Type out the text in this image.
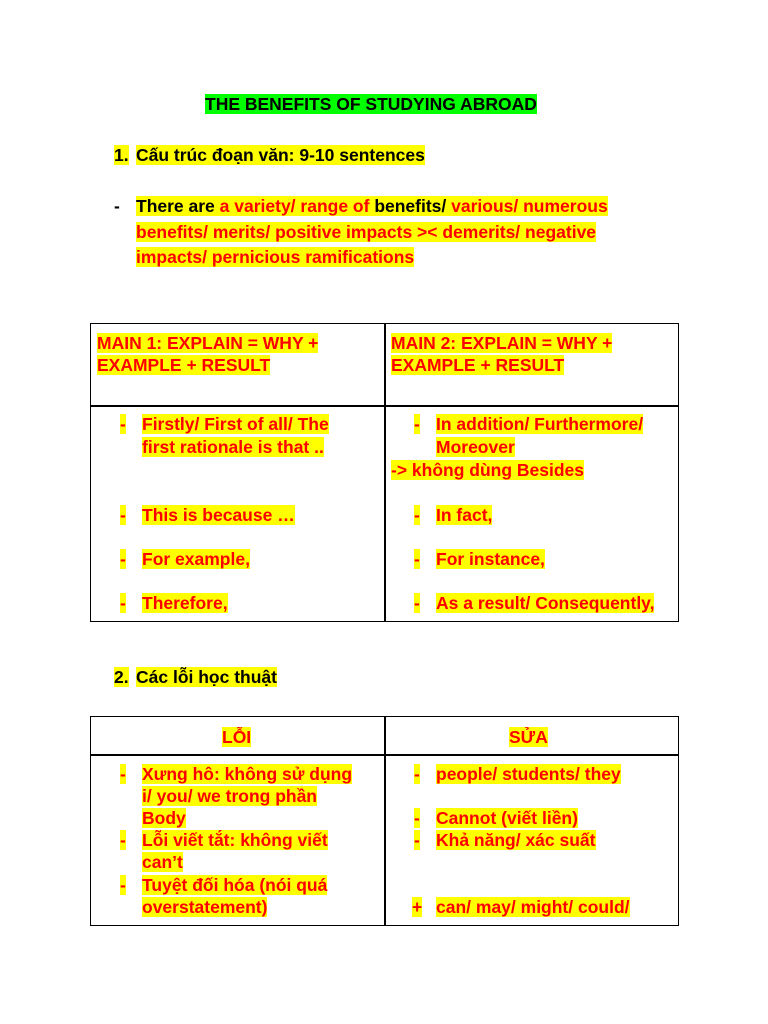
THE BENEFITS OF STUDYING ABROAD
1. Cấu trúc đoạn văn: 9-10 sentences
- There are a variety/ range of benefits/ various/ numerous
benefits/ merits/ positive impacts >< demerits/ negative
impacts/ pernicious ramifications
MAIN 1: EXPLAIN = WHY +
EXAMPLE + RESULT
MAIN 2: EXPLAIN = WHY +
EXAMPLE + RESULT
- Firstly/ First of all/ The
first rationale is that ..
- This is because …
- For example,
- Therefore,
- In addition/ Furthermore/
Moreover
-> không dùng Besides
- In fact,
- For instance,
- As a result/ Consequently,
2. Các lỗi học thuật
LỖI	SỬA
- Xưng hô: không sử dụng
i/ you/ we trong phần
Body
- Lỗi viết tắt: không viết
can’t
- Tuyệt đối hóa (nói quá
overstatement)
- people/ students/ they
- Cannot (viết liền)
- Khả năng/ xác suất
+ can/ may/ might/ could/
